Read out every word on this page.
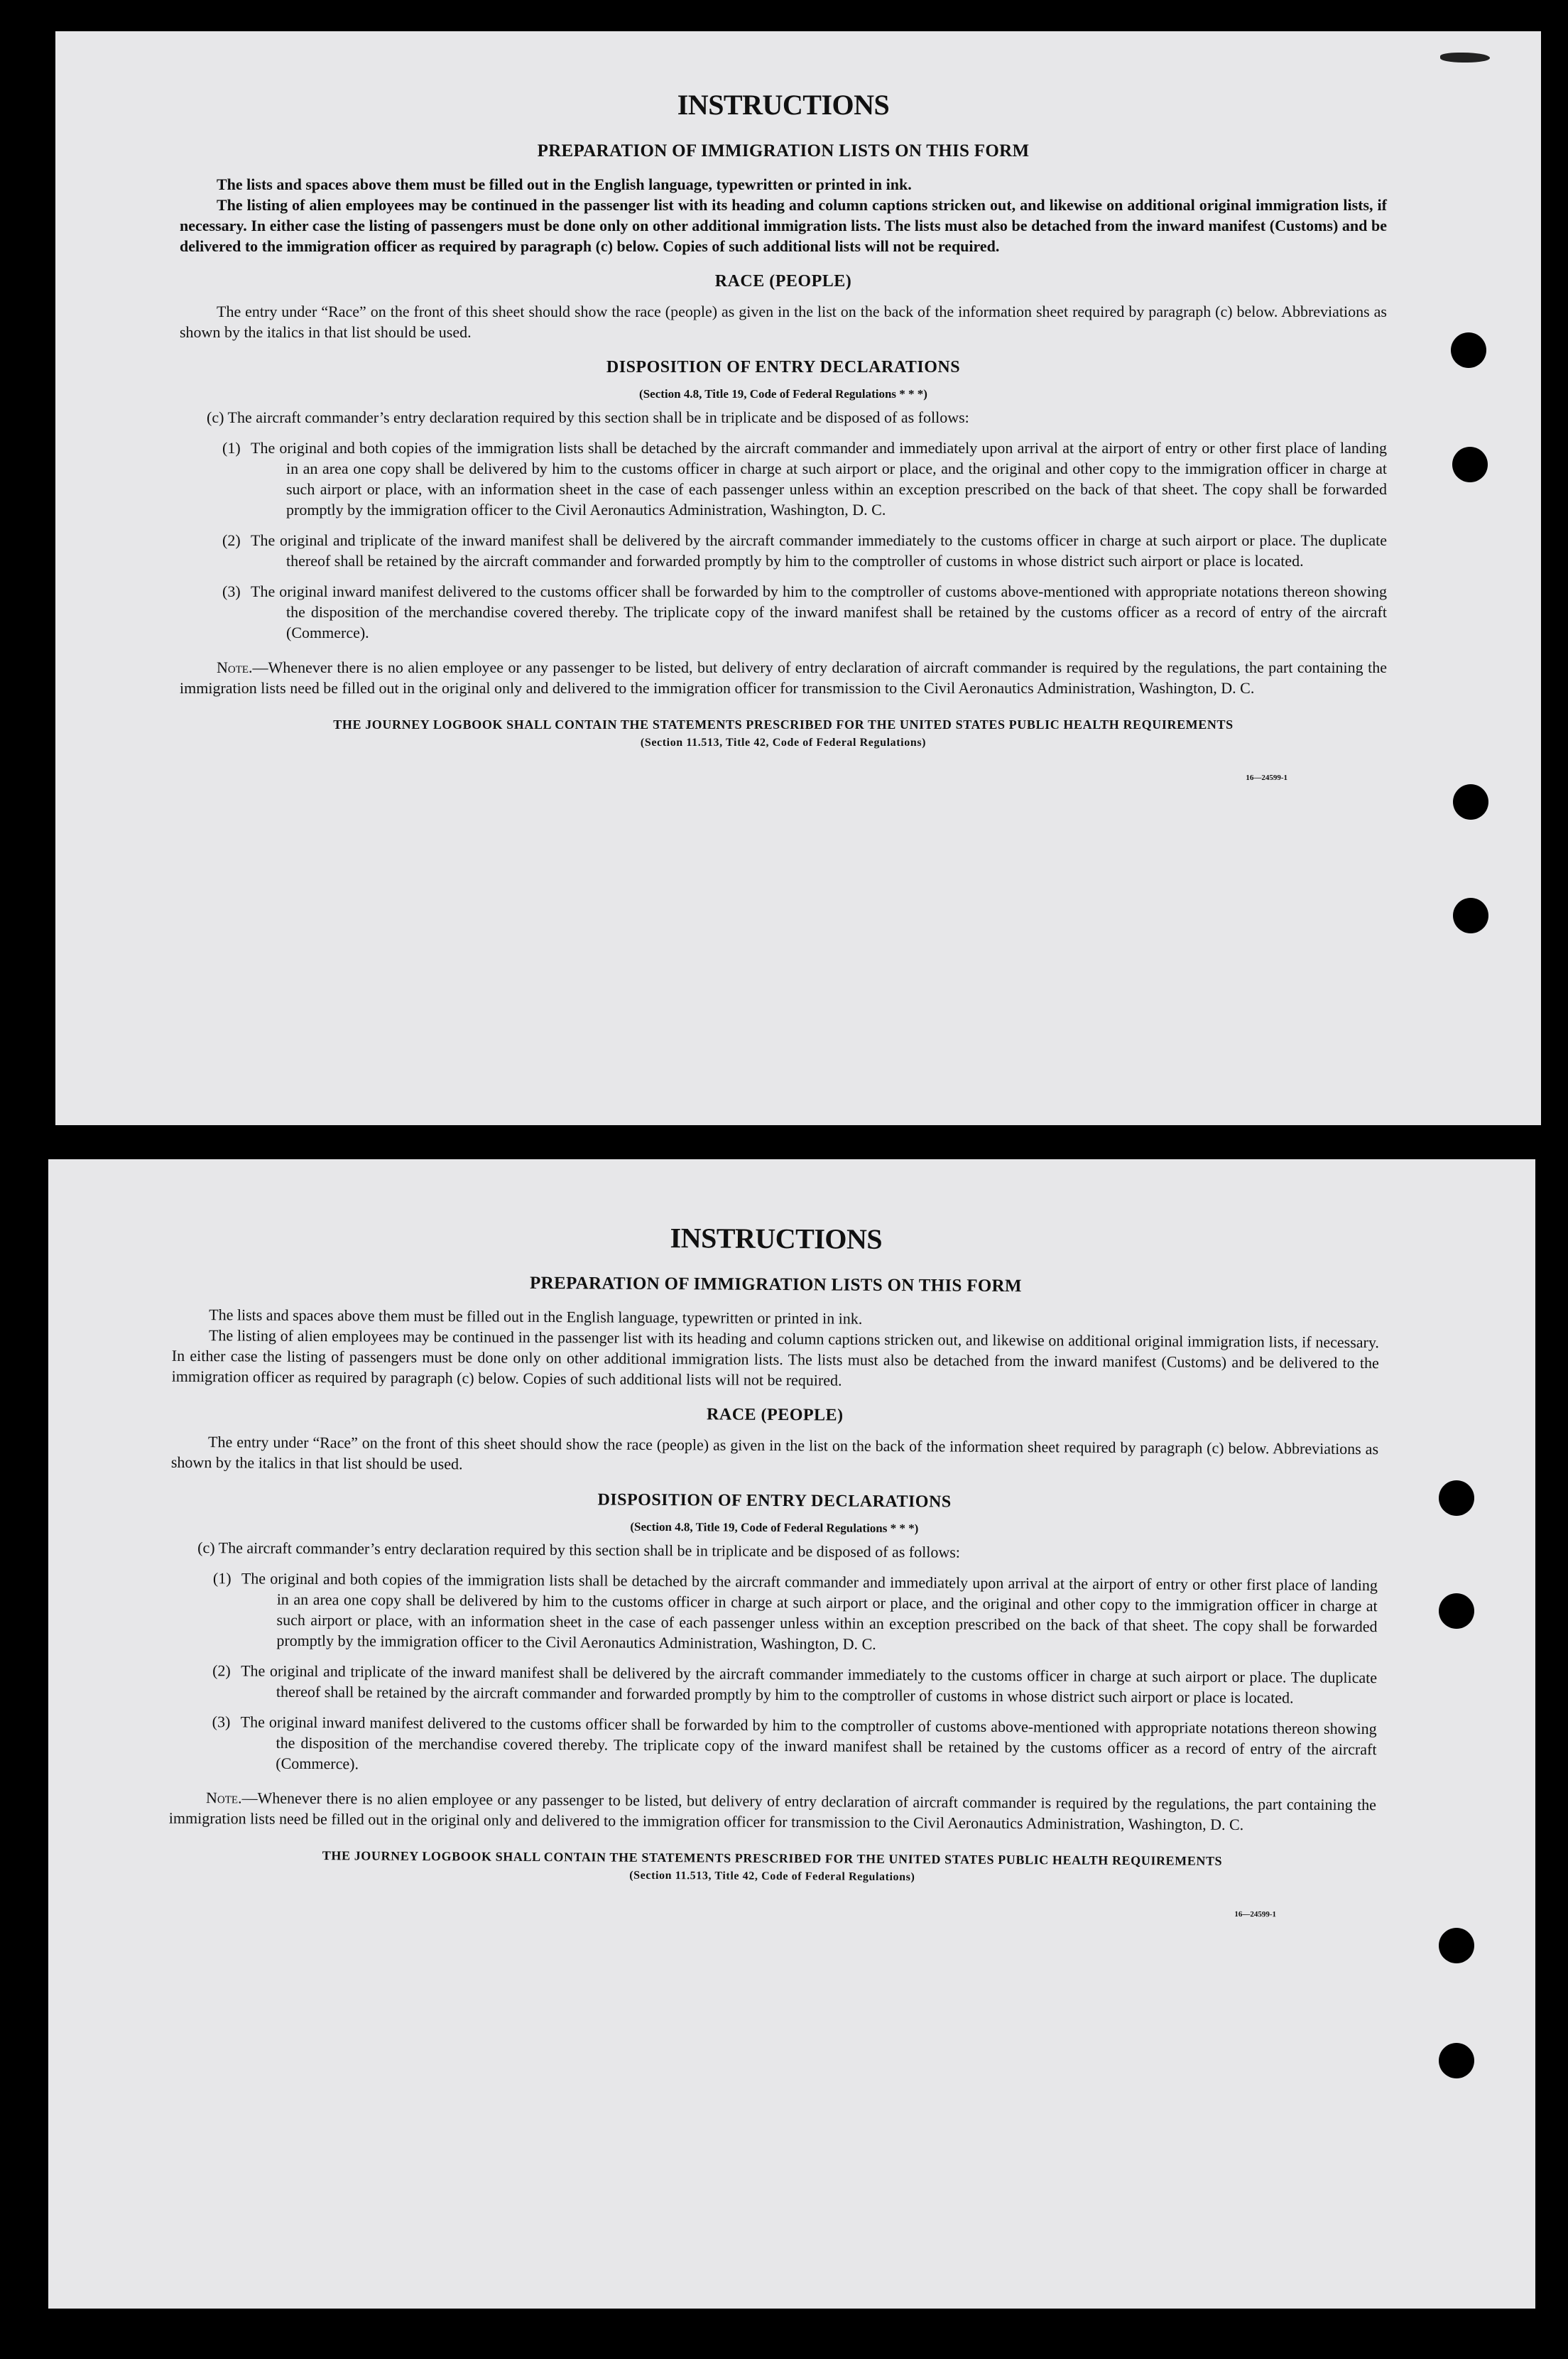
INSTRUCTIONS
PREPARATION OF IMMIGRATION LISTS ON THIS FORM

The lists and spaces above them must be filled out in the English language, typewritten or printed in ink.

The listing of alien employees may be continued in the passenger list with its heading and column captions stricken out, and likewise on additional original immigration lists, if necessary. In either case the listing of passengers must be done only on other additional immigration lists. The lists must also be detached from the inward manifest (Customs) and be delivered to the immigration officer as required by paragraph (c) below. Copies of such additional lists will not be required.

RACE (PEOPLE)

The entry under “Race” on the front of this sheet should show the race (people) as given in the list on the back of the information sheet required by paragraph (c) below. Abbreviations as shown by the italics in that list should be used.

DISPOSITION OF ENTRY DECLARATIONS
(Section 4.8, Title 19, Code of Federal Regulations * * *)
(c) The aircraft commander’s entry declaration required by this section shall be in triplicate and be disposed of as follows:
(1) The original and both copies of the immigration lists shall be detached by the aircraft commander and immediately upon arrival at the airport of entry or other first place of landing in an area one copy shall be delivered by him to the customs officer in charge at such airport or place, and the original and other copy to the immigration officer in charge at such airport or place, with an information sheet in the case of each passenger unless within an exception prescribed on the back of that sheet. The copy shall be forwarded promptly by the immigration officer to the Civil Aeronautics Administration, Washington, D. C.
(2) The original and triplicate of the inward manifest shall be delivered by the aircraft commander immediately to the customs officer in charge at such airport or place. The duplicate thereof shall be retained by the aircraft commander and forwarded promptly by him to the comptroller of customs in whose district such airport or place is located.
(3) The original inward manifest delivered to the customs officer shall be forwarded by him to the comptroller of customs above-mentioned with appropriate notations thereon showing the disposition of the merchandise covered thereby. The triplicate copy of the inward manifest shall be retained by the customs officer as a record of entry of the aircraft (Commerce).

Note.—Whenever there is no alien employee or any passenger to be listed, but delivery of entry declaration of aircraft commander is required by the regulations, the part containing the immigration lists need be filled out in the original only and delivered to the immigration officer for transmission to the Civil Aeronautics Administration, Washington, D. C.

THE JOURNEY LOGBOOK SHALL CONTAIN THE STATEMENTS PRESCRIBED FOR THE UNITED STATES PUBLIC HEALTH REQUIREMENTS
(Section 11.513, Title 42, Code of Federal Regulations)
16—24599-1
INSTRUCTIONS
PREPARATION OF IMMIGRATION LISTS ON THIS FORM

The lists and spaces above them must be filled out in the English language, typewritten or printed in ink.

The listing of alien employees may be continued in the passenger list with its heading and column captions stricken out, and likewise on additional original immigration lists, if necessary. In either case the listing of passengers must be done only on other additional immigration lists. The lists must also be detached from the inward manifest (Customs) and be delivered to the immigration officer as required by paragraph (c) below. Copies of such additional lists will not be required.

RACE (PEOPLE)

The entry under “Race” on the front of this sheet should show the race (people) as given in the list on the back of the information sheet required by paragraph (c) below. Abbreviations as shown by the italics in that list should be used.

DISPOSITION OF ENTRY DECLARATIONS
(Section 4.8, Title 19, Code of Federal Regulations * * *)
(c) The aircraft commander’s entry declaration required by this section shall be in triplicate and be disposed of as follows:
(1) The original and both copies of the immigration lists shall be detached by the aircraft commander and immediately upon arrival at the airport of entry or other first place of landing in an area one copy shall be delivered by him to the customs officer in charge at such airport or place, and the original and other copy to the immigration officer in charge at such airport or place, with an information sheet in the case of each passenger unless within an exception prescribed on the back of that sheet. The copy shall be forwarded promptly by the immigration officer to the Civil Aeronautics Administration, Washington, D. C.
(2) The original and triplicate of the inward manifest shall be delivered by the aircraft commander immediately to the customs officer in charge at such airport or place. The duplicate thereof shall be retained by the aircraft commander and forwarded promptly by him to the comptroller of customs in whose district such airport or place is located.
(3) The original inward manifest delivered to the customs officer shall be forwarded by him to the comptroller of customs above-mentioned with appropriate notations thereon showing the disposition of the merchandise covered thereby. The triplicate copy of the inward manifest shall be retained by the customs officer as a record of entry of the aircraft (Commerce).

Note.—Whenever there is no alien employee or any passenger to be listed, but delivery of entry declaration of aircraft commander is required by the regulations, the part containing the immigration lists need be filled out in the original only and delivered to the immigration officer for transmission to the Civil Aeronautics Administration, Washington, D. C.

THE JOURNEY LOGBOOK SHALL CONTAIN THE STATEMENTS PRESCRIBED FOR THE UNITED STATES PUBLIC HEALTH REQUIREMENTS
(Section 11.513, Title 42, Code of Federal Regulations)
16—24599-1
